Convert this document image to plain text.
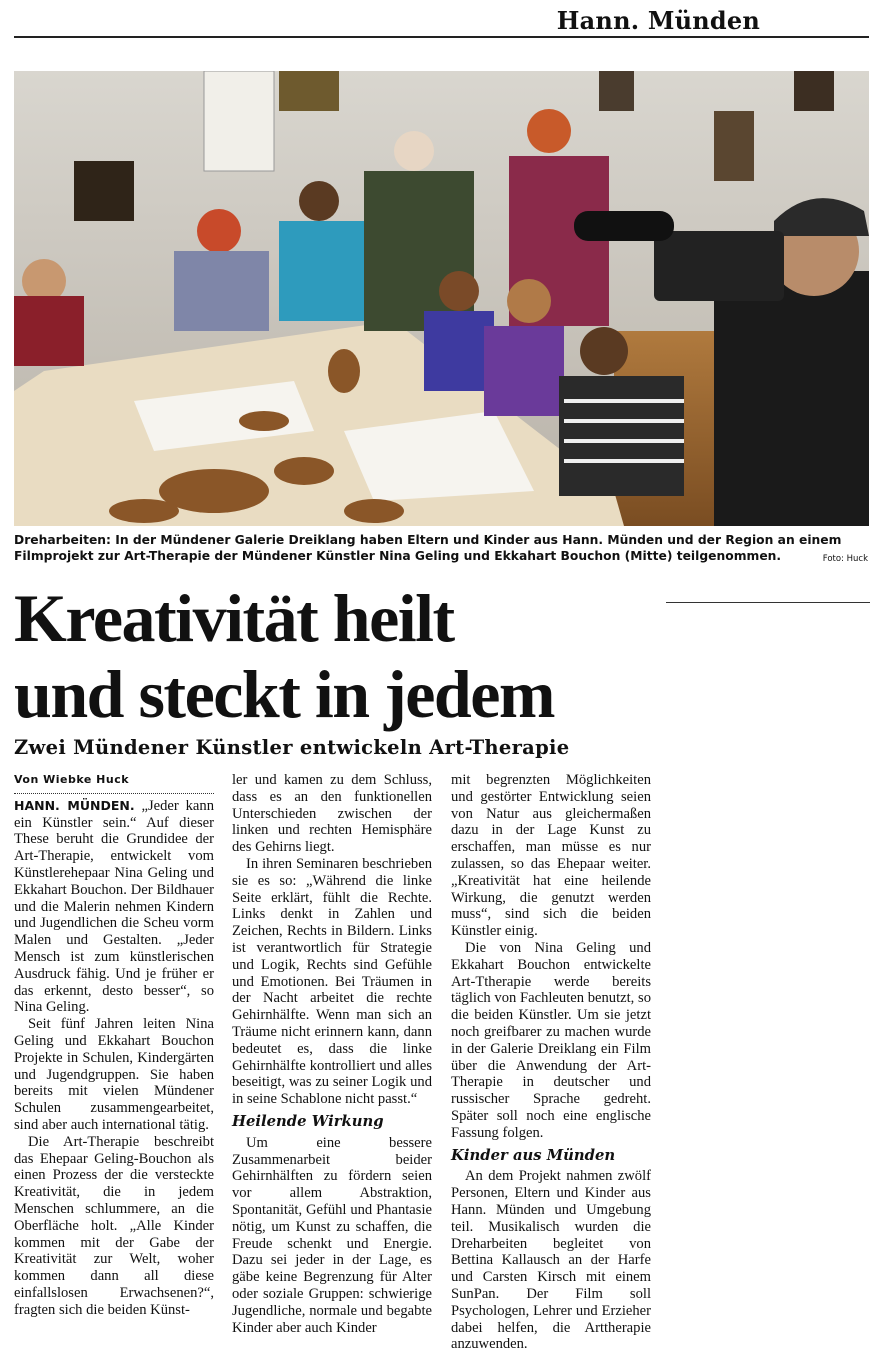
Hann. Münden
Dreharbeiten: In der Mündener Galerie Dreiklang haben Eltern und Kinder aus Hann. Münden und der Region an einem Filmprojekt zur Art-Therapie der Mündener Künstler Nina Geling und Ekkahart Bouchon (Mitte) teilgenommen.	Foto: Huck
Kreativität heilt
und steckt in jedem
Zwei Mündener Künstler entwickeln Art-Therapie
Von Wiebke Huck

HANN. MÜNDEN. „Jeder kann ein Künstler sein.“ Auf dieser These beruht die Grundidee der Art-Therapie, entwickelt vom Künstlerehepaar Nina Geling und Ekkahart Bouchon. Der Bildhauer und die Malerin nehmen Kindern und Jugendlichen die Scheu vorm Malen und Gestalten. „Jeder Mensch ist zum künstlerischen Ausdruck fähig. Und je früher er das erkennt, desto besser“, so Nina Geling.

Seit fünf Jahren leiten Nina Geling und Ekkahart Bouchon Projekte in Schulen, Kindergärten und Jugendgruppen. Sie haben bereits mit vielen Mündener Schulen zusammengearbeitet, sind aber auch international tätig.

Die Art-Therapie beschreibt das Ehepaar Geling-Bouchon als einen Prozess der die versteckte Kreativität, die in jedem Menschen schlummere, an die Oberfläche holt. „Alle Kinder kommen mit der Gabe der Kreativität zur Welt, woher kommen dann all diese einfallslosen Erwachsenen?“, fragten sich die beiden Künst-

ler und kamen zu dem Schluss, dass es an den funktionellen Unterschieden zwischen der linken und rechten Hemisphäre des Gehirns liegt.

In ihren Seminaren beschrieben sie es so: „Während die linke Seite erklärt, fühlt die Rechte. Links denkt in Zahlen und Zeichen, Rechts in Bildern. Links ist verantwortlich für Strategie und Logik, Rechts sind Gefühle und Emotionen. Bei Träumen in der Nacht arbeitet die rechte Gehirnhälfte. Wenn man sich an Träume nicht erinnern kann, dann bedeutet es, dass die linke Gehirnhälfte kontrolliert und alles beseitigt, was zu seiner Logik und in seine Schablone nicht passt.“

Heilende Wirkung

Um eine bessere Zusammenarbeit beider Gehirnhälften zu fördern seien vor allem Abstraktion, Spontanität, Gefühl und Phantasie nötig, um Kunst zu schaffen, die Freude schenkt und Energie. Dazu sei jeder in der Lage, es gäbe keine Begrenzung für Alter oder soziale Gruppen: schwierige Jugendliche, normale und begabte Kinder aber auch Kinder

mit begrenzten Möglichkeiten und gestörter Entwicklung seien von Natur aus gleichermaßen dazu in der Lage Kunst zu erschaffen, man müsse es nur zulassen, so das Ehepaar weiter. „Kreativität hat eine heilende Wirkung, die genutzt werden muss“, sind sich die beiden Künstler einig.

Die von Nina Geling und Ekkahart Bouchon entwickelte Art-Ttherapie werde bereits täglich von Fachleuten benutzt, so die beiden Künstler. Um sie jetzt noch greifbarer zu machen wurde in der Galerie Dreiklang ein Film über die Anwendung der Art-Therapie in deutscher und russischer Sprache gedreht. Später soll noch eine englische Fassung folgen.

Kinder aus Münden

An dem Projekt nahmen zwölf Personen, Eltern und Kinder aus Hann. Münden und Umgebung teil. Musikalisch wurden die Dreharbeiten begleitet von Bettina Kallausch an der Harfe und Carsten Kirsch mit einem SunPan. Der Film soll Psychologen, Lehrer und Erzieher dabei helfen, die Arttherapie anzuwenden.
